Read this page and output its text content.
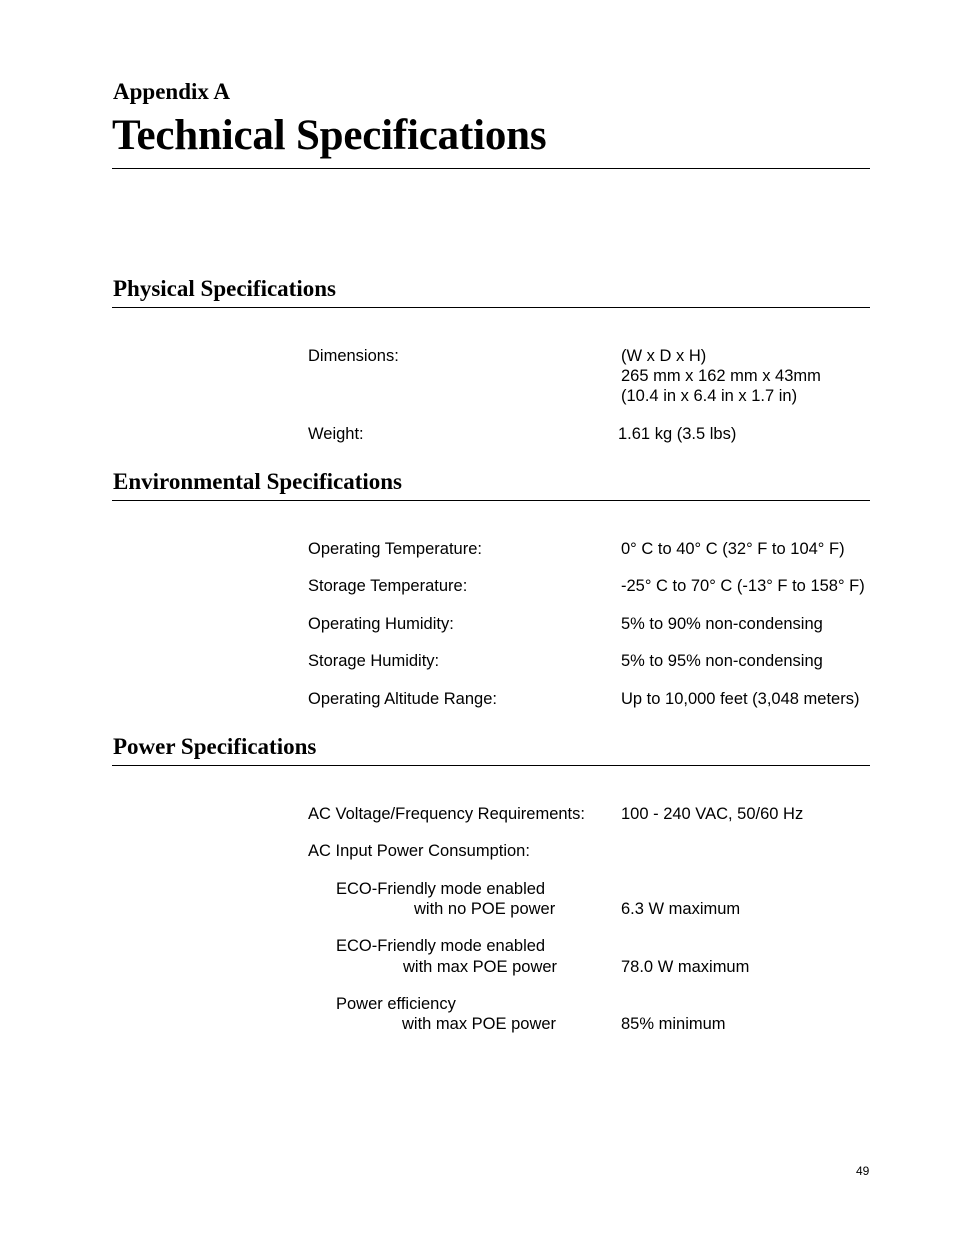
Appendix A
Technical Specifications
Physical Specifications
Dimensions:	(W x D x H)
265 mm x 162 mm x 43mm
(10.4 in x 6.4 in x 1.7 in)
Weight:	1.61 kg (3.5 lbs)
Environmental Specifications
Operating Temperature:	0° C to 40° C (32° F to 104° F)
Storage Temperature:	-25° C to 70° C (-13° F to 158° F)
Operating Humidity:	5% to 90% non-condensing
Storage Humidity:	5% to 95% non-condensing
Operating Altitude Range:	Up to 10,000 feet (3,048 meters)
Power Specifications
AC Voltage/Frequency Requirements: 100 - 240 VAC, 50/60 Hz
AC Input Power Consumption:
ECO-Friendly mode enabled
with no POE power	6.3 W maximum
ECO-Friendly mode enabled
with max POE power	78.0 W maximum
Power efficiency
with max POE power	85% minimum
49
